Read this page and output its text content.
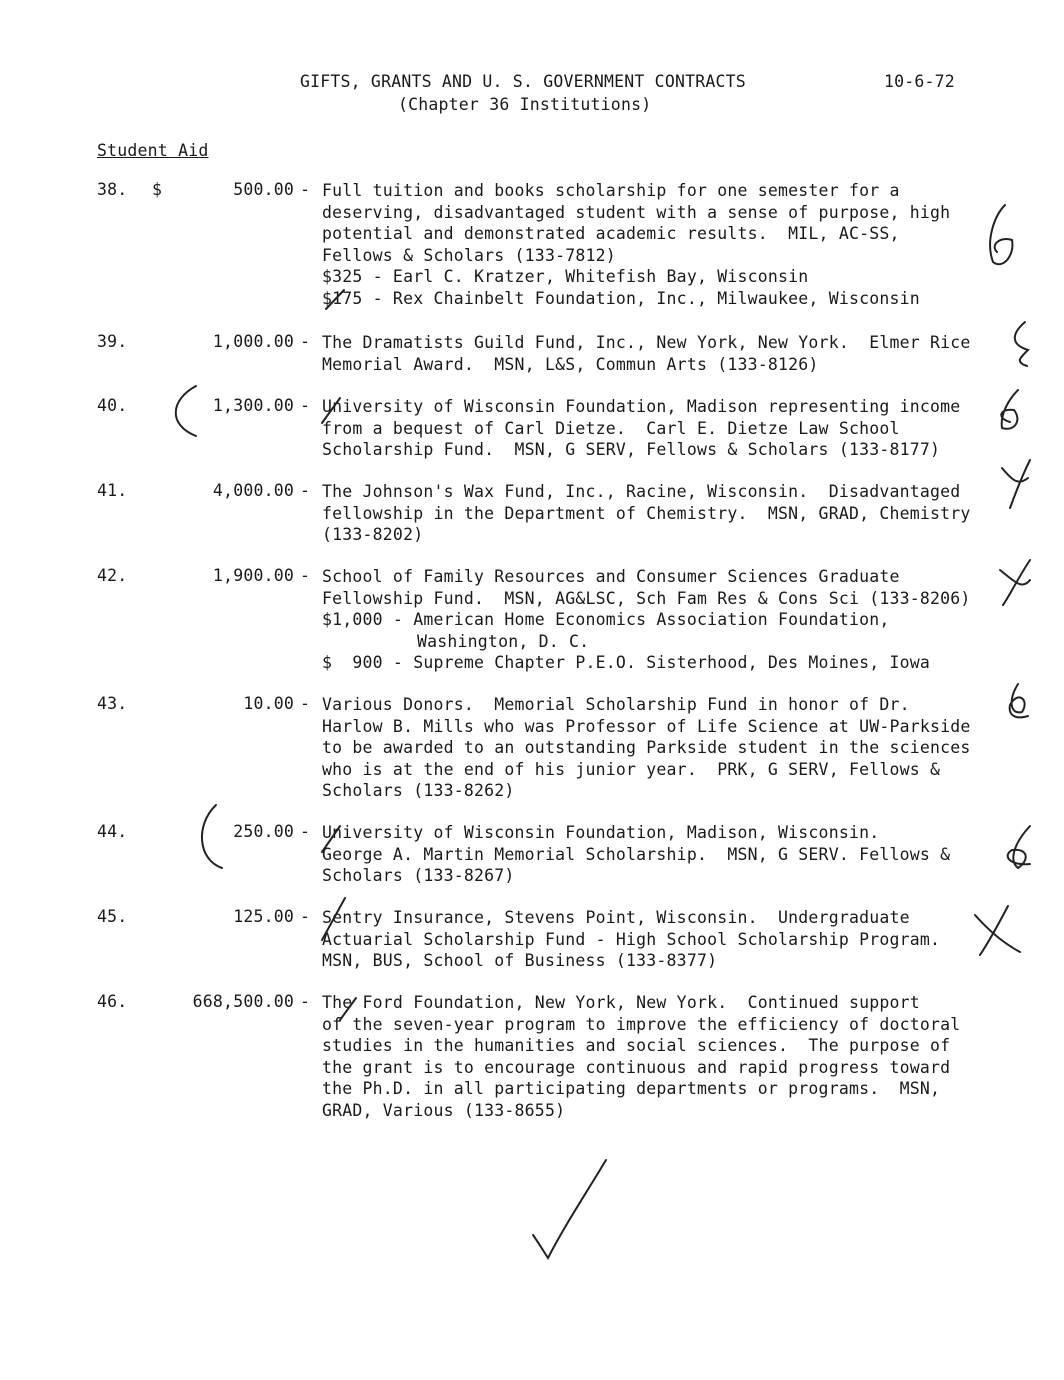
GIFTS, GRANTS AND U. S. GOVERNMENT CONTRACTS
(Chapter 36 Institutions)
10-6-72
Student Aid
38. $	500.00 - Full tuition and books scholarship for one semester for a
deserving, disadvantaged student with a sense of purpose, high
potential and demonstrated academic results.  MIL, AC-SS,
Fellows & Scholars (133-7812)
$325 - Earl C. Kratzer, Whitefish Bay, Wisconsin
$175 - Rex Chainbelt Foundation, Inc., Milwaukee, Wisconsin
39.	1,000.00 - The Dramatists Guild Fund, Inc., New York, New York.  Elmer Rice
Memorial Award.  MSN, L&S, Commun Arts (133-8126)
40.	1,300.00 - University of Wisconsin Foundation, Madison representing income
from a bequest of Carl Dietze.  Carl E. Dietze Law School
Scholarship Fund.  MSN, G SERV, Fellows & Scholars (133-8177)
41.	4,000.00 - The Johnson's Wax Fund, Inc., Racine, Wisconsin.  Disadvantaged
fellowship in the Department of Chemistry.  MSN, GRAD, Chemistry
(133-8202)
42.	1,900.00 - School of Family Resources and Consumer Sciences Graduate
Fellowship Fund.  MSN, AG&LSC, Sch Fam Res & Cons Sci (133-8206)
$1,000 - American Home Economics Association Foundation,
Washington, D. C.
$  900 - Supreme Chapter P.E.O. Sisterhood, Des Moines, Iowa
43.	10.00 - Various Donors.  Memorial Scholarship Fund in honor of Dr.
Harlow B. Mills who was Professor of Life Science at UW-Parkside
to be awarded to an outstanding Parkside student in the sciences
who is at the end of his junior year.  PRK, G SERV, Fellows &
Scholars (133-8262)
44.	250.00 - University of Wisconsin Foundation, Madison, Wisconsin.
George A. Martin Memorial Scholarship.  MSN, G SERV. Fellows &
Scholars (133-8267)
45.	125.00 - Sentry Insurance, Stevens Point, Wisconsin.  Undergraduate
Actuarial Scholarship Fund - High School Scholarship Program.
MSN, BUS, School of Business (133-8377)
46.	668,500.00 - The Ford Foundation, New York, New York.  Continued support
of the seven-year program to improve the efficiency of doctoral
studies in the humanities and social sciences.  The purpose of
the grant is to encourage continuous and rapid progress toward
the Ph.D. in all participating departments or programs.  MSN,
GRAD, Various (133-8655)
